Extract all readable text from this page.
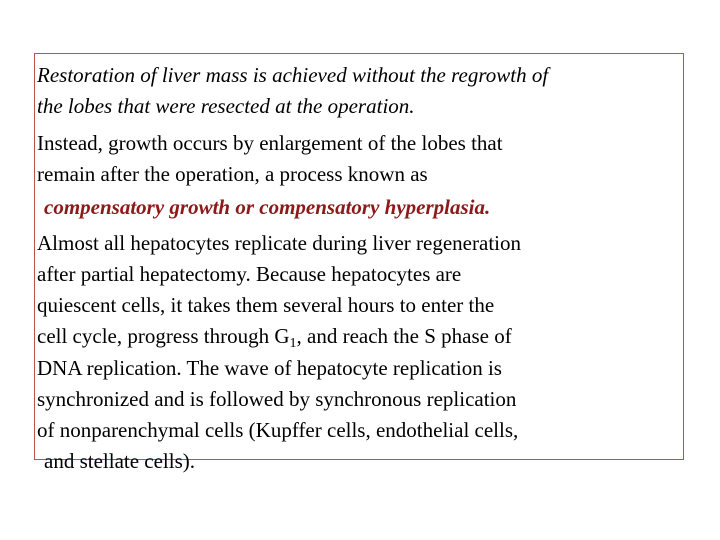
Restoration of liver mass is achieved without the regrowth of
the lobes that were resected at the operation.
Instead, growth occurs by enlargement of the lobes that
remain after the operation, a process known as
compensatory growth or compensatory hyperplasia.
Almost all hepatocytes replicate during liver regeneration
after partial hepatectomy. Because hepatocytes are
quiescent cells, it takes them several hours to enter the
cell cycle, progress through $G_1$, and reach the S phase of
DNA replication. The wave of hepatocyte replication is
synchronized and is followed by synchronous replication
of nonparenchymal cells (Kupffer cells, endothelial cells,
and stellate cells).
